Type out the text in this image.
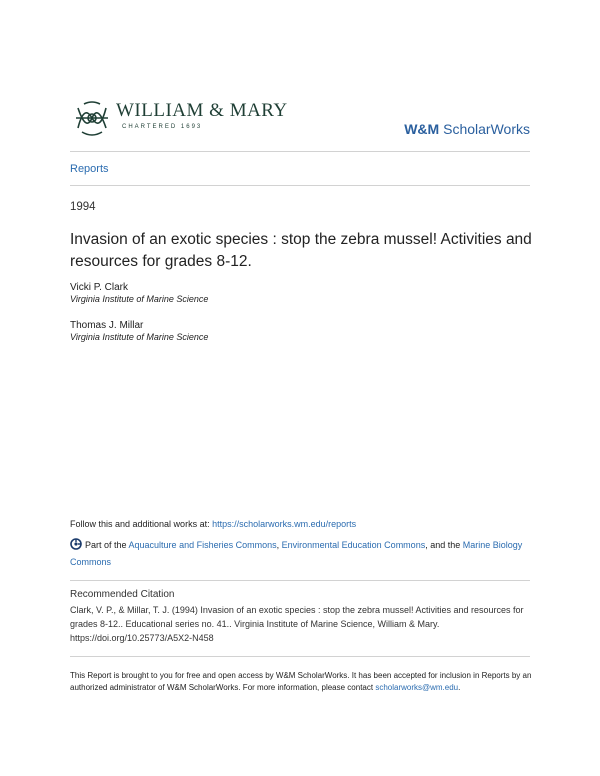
WILLIAM & MARY
CHARTERED 1693	W&M ScholarWorks
Reports
1994
Invasion of an exotic species : stop the zebra mussel! Activities and resources for grades 8-12.
Vicki P. Clark
Virginia Institute of Marine Science
Thomas J. Millar
Virginia Institute of Marine Science
Follow this and additional works at: https://scholarworks.wm.edu/reports
Part of the Aquaculture and Fisheries Commons, Environmental Education Commons, and the Marine Biology Commons
Recommended Citation
Clark, V. P., & Millar, T. J. (1994) Invasion of an exotic species : stop the zebra mussel! Activities and resources for grades 8-12.. Educational series no. 41.. Virginia Institute of Marine Science, William & Mary. https://doi.org/10.25773/A5X2-N458
This Report is brought to you for free and open access by W&M ScholarWorks. It has been accepted for inclusion in Reports by an authorized administrator of W&M ScholarWorks. For more information, please contact scholarworks@wm.edu.
